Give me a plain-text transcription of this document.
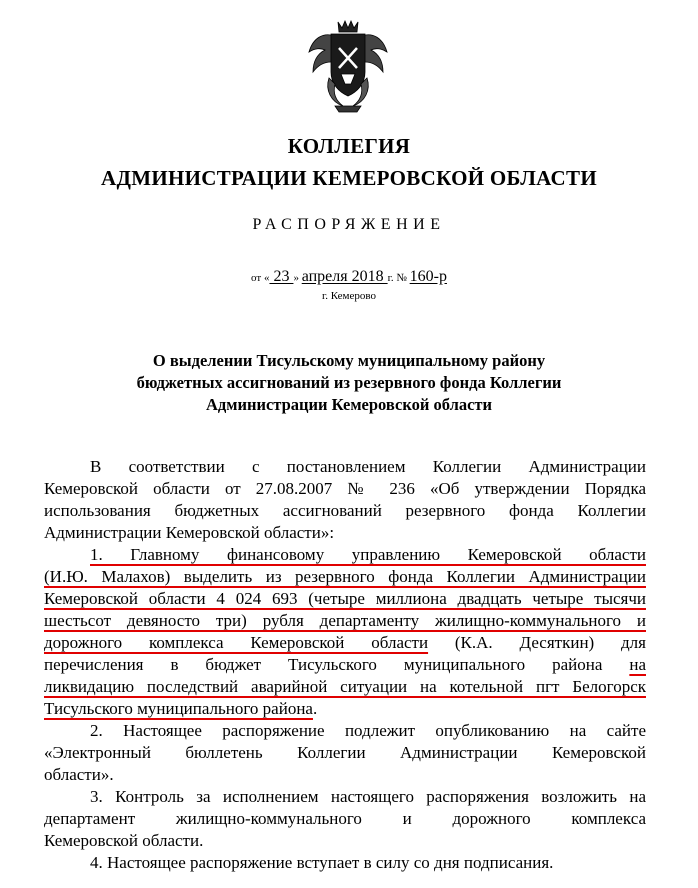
КОЛЛЕГИЯ
АДМИНИСТРАЦИИ КЕМЕРОВСКОЙ ОБЛАСТИ
РАСПОРЯЖЕНИЕ
от « 23 » апреля 2018 г. № 160-р
г. Кемерово
О выделении Тисульскому муниципальному району
бюджетных ассигнований из резервного фонда Коллегии
Администрации Кемеровской области
В соответствии с постановлением Коллегии Администрации
Кемеровской области от 27.08.2007 № 236 «Об утверждении Порядка
использования бюджетных ассигнований резервного фонда Коллегии
Администрации Кемеровской области»:
1. Главному финансовому управлению Кемеровской области
(И.Ю. Малахов) выделить из резервного фонда Коллегии Администрации
Кемеровской области 4 024 693 (четыре миллиона двадцать четыре тысячи
шестьсот девяносто три) рубля департаменту жилищно-коммунального и
дорожного комплекса Кемеровской области (К.А. Десяткин) для
перечисления в бюджет Тисульского муниципального района на
ликвидацию последствий аварийной ситуации на котельной пгт Белогорск
Тисульского муниципального района.
2. Настоящее распоряжение подлежит опубликованию на сайте
«Электронный бюллетень Коллегии Администрации Кемеровской
области».
3. Контроль за исполнением настоящего распоряжения возложить на
департамент жилищно-коммунального и дорожного комплекса
Кемеровской области.
4. Настоящее распоряжение вступает в силу со дня подписания.
